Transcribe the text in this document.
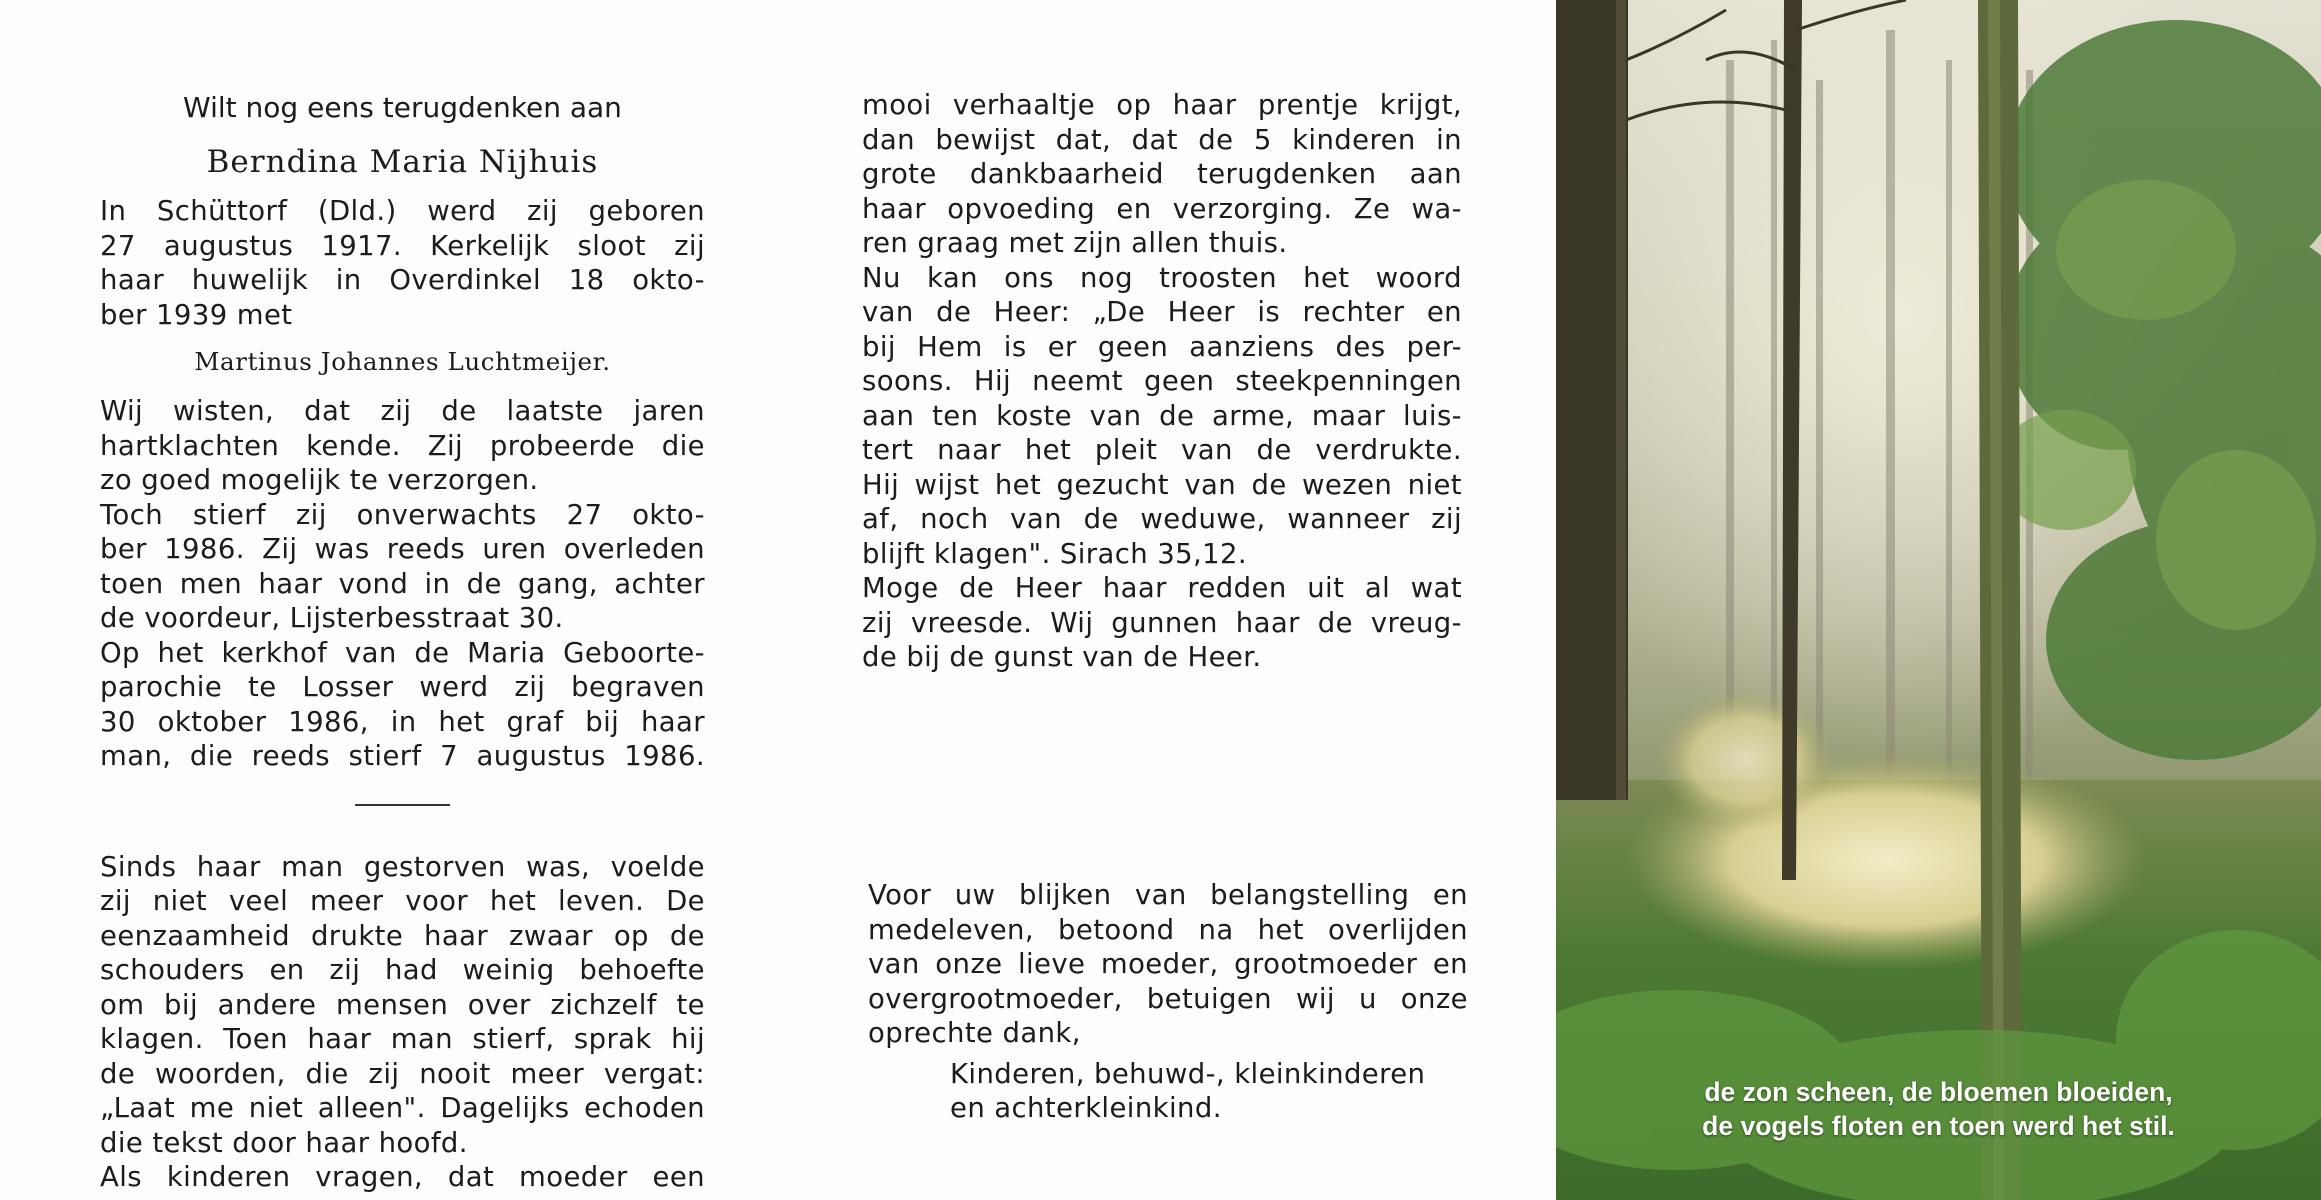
Wilt nog eens terugdenken aan
Berndina Maria Nijhuis
In Schüttorf (Dld.) werd zij geboren
27 augustus 1917. Kerkelijk sloot zij
haar huwelijk in Overdinkel 18 okto-
ber 1939 met
Martinus Johannes Luchtmeijer.
Wij wisten, dat zij de laatste jaren
hartklachten kende. Zij probeerde die
zo goed mogelijk te verzorgen.
Toch stierf zij onverwachts 27 okto-
ber 1986. Zij was reeds uren overleden
toen men haar vond in de gang, achter
de voordeur, Lijsterbesstraat 30.
Op het kerkhof van de Maria Geboorte-
parochie te Losser werd zij begraven
30 oktober 1986, in het graf bij haar
man, die reeds stierf 7 augustus 1986.
Sinds haar man gestorven was, voelde
zij niet veel meer voor het leven. De
eenzaamheid drukte haar zwaar op de
schouders en zij had weinig behoefte
om bij andere mensen over zichzelf te
klagen. Toen haar man stierf, sprak hij
de woorden, die zij nooit meer vergat:
„Laat me niet alleen". Dagelijks echoden
die tekst door haar hoofd.
Als kinderen vragen, dat moeder een
mooi verhaaltje op haar prentje krijgt,
dan bewijst dat, dat de 5 kinderen in
grote dankbaarheid terugdenken aan
haar opvoeding en verzorging. Ze wa-
ren graag met zijn allen thuis.
Nu kan ons nog troosten het woord
van de Heer: „De Heer is rechter en
bij Hem is er geen aanziens des per-
soons. Hij neemt geen steekpenningen
aan ten koste van de arme, maar luis-
tert naar het pleit van de verdrukte.
Hij wijst het gezucht van de wezen niet
af, noch van de weduwe, wanneer zij
blijft klagen". Sirach 35,12.
Moge de Heer haar redden uit al wat
zij vreesde. Wij gunnen haar de vreug-
de bij de gunst van de Heer.
Voor uw blijken van belangstelling en
medeleven, betoond na het overlijden
van onze lieve moeder, grootmoeder en
overgrootmoeder, betuigen wij u onze
oprechte dank,
Kinderen, behuwd-, kleinkinderen
en achterkleinkind.	de zon scheen, de bloemen bloeiden,
de vogels floten en toen werd het stil.
